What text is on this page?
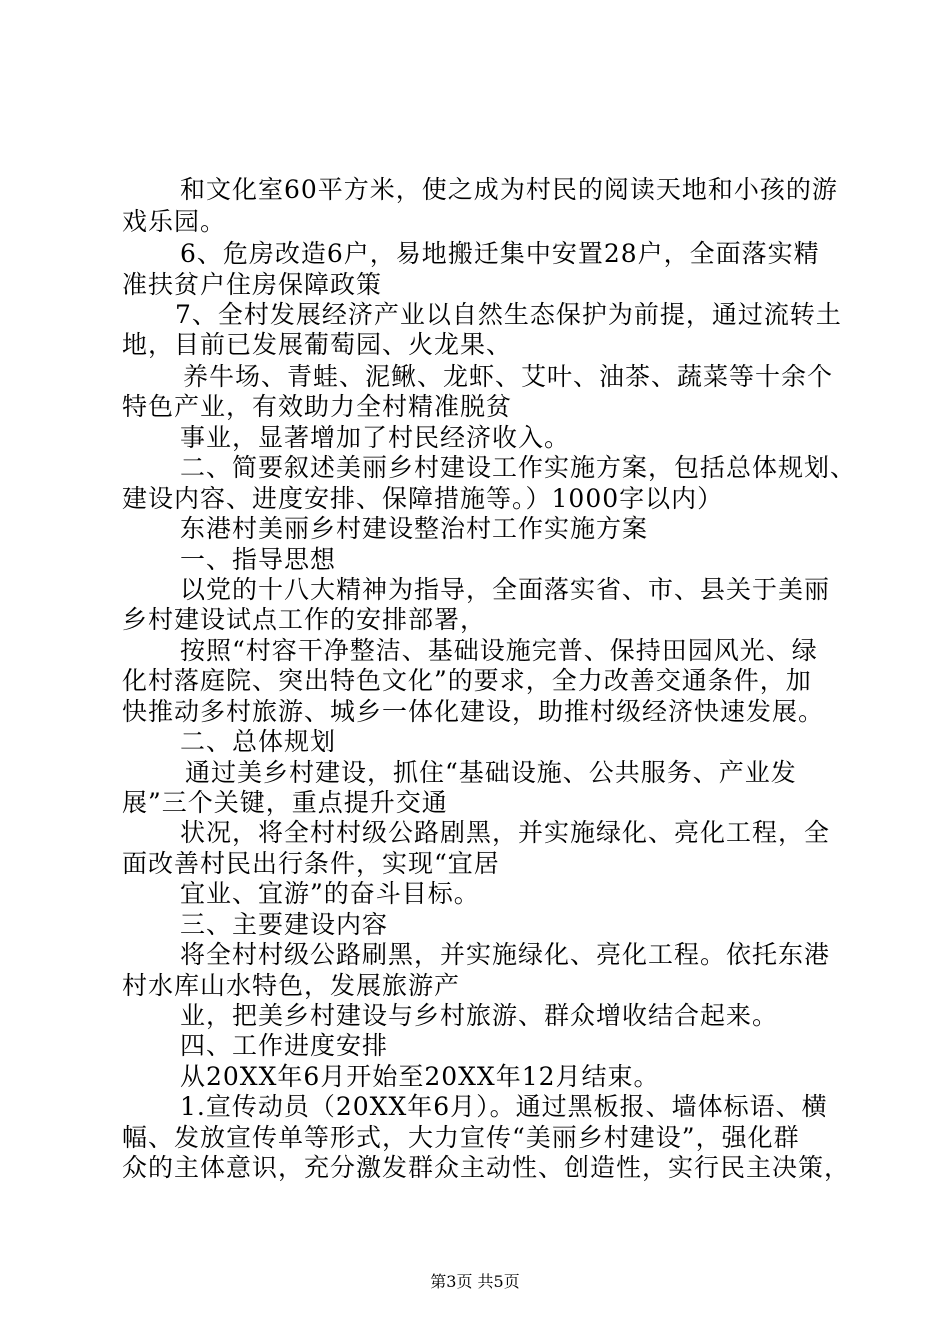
和文化室60平方米，使之成为村民的阅读天地和小孩的游
戏乐园。
6、危房改造6户，易地搬迁集中安置28户，全面落实精
准扶贫户住房保障政策
7、全村发展经济产业以自然生态保护为前提，通过流转土
地，目前已发展葡萄园、火龙果、
养牛场、青蛙、泥鳅、龙虾、艾叶、油茶、蔬菜等十余个
特色产业，有效助力全村精准脱贫
事业，显著增加了村民经济收入。
二、简要叙述美丽乡村建设工作实施方案，包括总体规划、
建设内容、进度安排、保障措施等。）1000字以内）
东港村美丽乡村建设整治村工作实施方案
一、指导思想
以党的十八大精神为指导，全面落实省、市、县关于美丽
乡村建设试点工作的安排部署，
按照“村容干净整洁、基础设施完普、保持田园风光、绿
化村落庭院、突出特色文化”的要求，全力改善交通条件，加
快推动多村旅游、城乡一体化建设，助推村级经济快速发展。
二、总体规划
通过美乡村建设，抓住“基础设施、公共服务、产业发
展”三个关键，重点提升交通
状况，将全村村级公路剧黑，并实施绿化、亮化工程，全
面改善村民出行条件，实现“宜居
宜业、宜游”的奋斗目标。
三、主要建设内容
将全村村级公路刷黑，并实施绿化、亮化工程。依托东港
村水库山水特色，发展旅游产
业，把美乡村建设与乡村旅游、群众增收结合起来。
四、工作进度安排
从20XX年6月开始至20XX年12月结束。
1.宣传动员（20XX年6月）。通过黑板报、墙体标语、横
幅、发放宣传单等形式，大力宣传“美丽乡村建设”，强化群
众的主体意识，充分激发群众主动性、创造性，实行民主决策，
第3页 共5页
